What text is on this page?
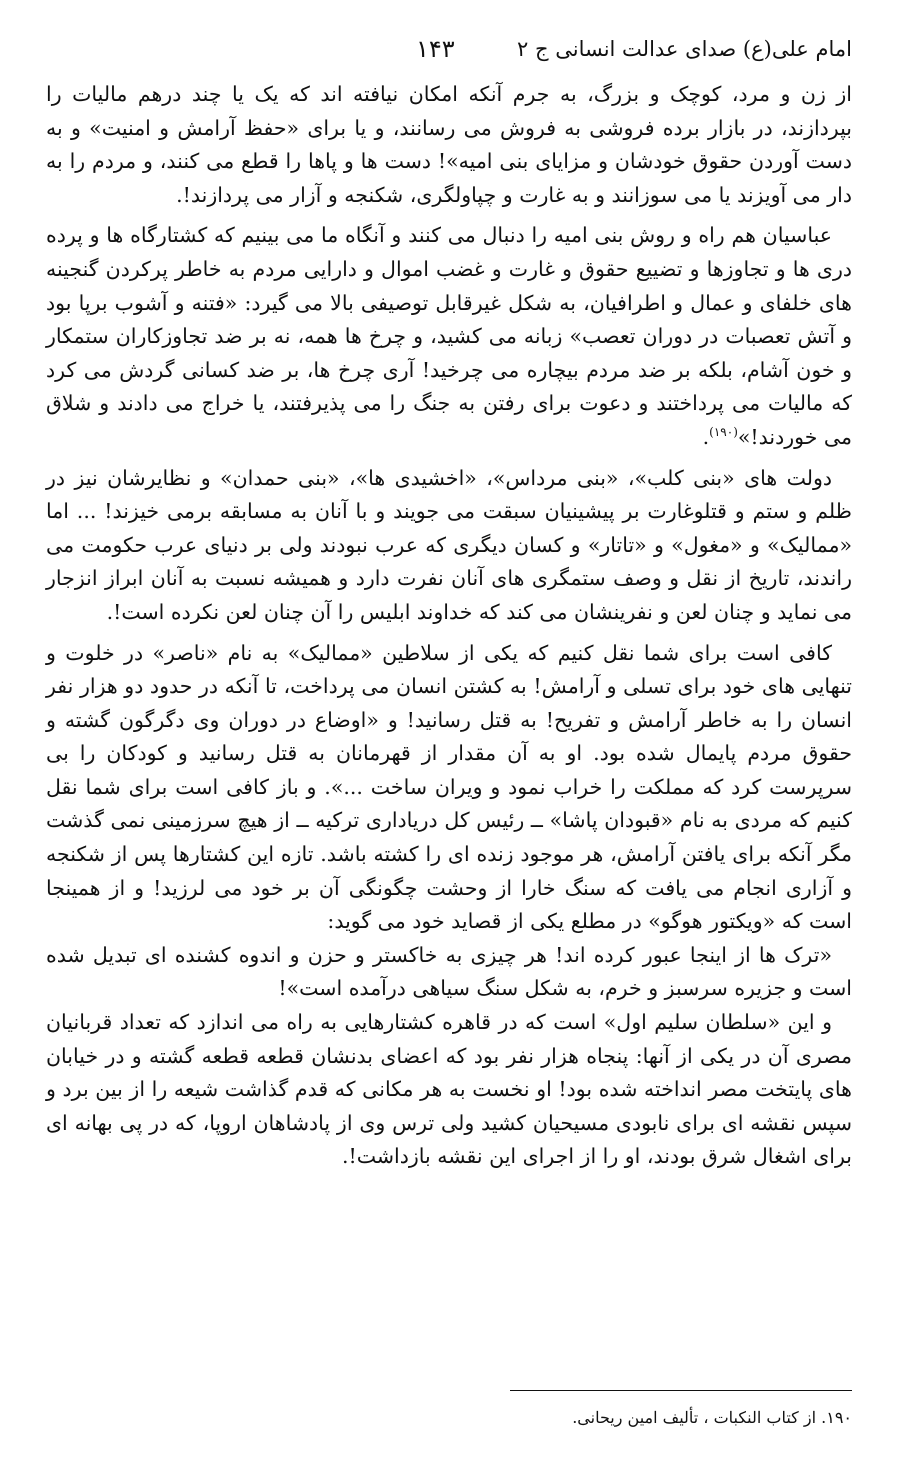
امام علی(ع) صدای عدالت انسانی ج ۲
۱۴۳

از زن و مرد، کوچک و بزرگ، به جرم آنکه امکان نیافته اند که یک یا چند درهم مالیات را بپردازند، در بازار برده فروشی به فروش می رسانند، و یا برای «حفظ آرامش و امنیت» و به دست آوردن حقوق خودشان و مزایای بنی امیه»! دست ها و پاها را قطع می کنند، و مردم را به دار می آویزند یا می سوزانند و به غارت و چپاولگری، شکنجه و آزار می پردازند!.

عباسیان هم راه و روش بنی امیه را دنبال می کنند و آنگاه ما می بینیم که کشتارگاه ها و پرده دری ها و تجاوزها و تضییع حقوق و غارت و غضب اموال و دارایی مردم به خاطر پرکردن گنجینه های خلفای و عمال و اطرافیان، به شکل غیرقابل توصیفی بالا می گیرد: «فتنه و آشوب برپا بود و آتش تعصبات در دوران تعصب» زبانه می کشید، و چرخ ها همه، نه بر ضد تجاوزکاران ستمکار و خون آشام، بلکه بر ضد مردم بیچاره می چرخید! آری چرخ ها، بر ضد کسانی گردش می کرد که مالیات می پرداختند و دعوت برای رفتن به جنگ را می پذیرفتند، یا خراج می دادند و شلاق می خوردند!»$^{(۱۹۰)}$.

دولت های «بنی کلب»، «بنی مرداس»، «اخشیدی ها»، «بنی حمدان» و نظایرشان نیز در ظلم و ستم و قتلوغارت بر پیشینیان سبقت می جویند و با آنان به مسابقه برمی خیزند! ... اما «ممالیک» و «مغول» و «تاتار» و کسان دیگری که عرب نبودند ولی بر دنیای عرب حکومت می راندند، تاریخ از نقل و وصف ستمگری های آنان نفرت دارد و همیشه نسبت به آنان ابراز انزجار می نماید و چنان لعن و نفرینشان می کند که خداوند ابلیس را آن چنان لعن نکرده است!.

کافی است برای شما نقل کنیم که یکی از سلاطین «ممالیک» به نام «ناصر» در خلوت و تنهایی های خود برای تسلی و آرامش! به کشتن انسان می پرداخت، تا آنکه در حدود دو هزار نفر انسان را به خاطر آرامش و تفریح! به قتل رسانید! و «اوضاع در دوران وی دگرگون گشته و حقوق مردم پایمال شده بود. او به آن مقدار از قهرمانان به قتل رسانید و کودکان را بی سرپرست کرد که مملکت را خراب نمود و ویران ساخت ...». و باز کافی است برای شما نقل کنیم که مردی به نام «قبودان پاشا» ــ رئیس کل دریاداری ترکیه ــ از هیچ سرزمینی نمی گذشت مگر آنکه برای یافتن آرامش، هر موجود زنده ای را کشته باشد. تازه این کشتارها پس از شکنجه و آزاری انجام می یافت که سنگ خارا از وحشت چگونگی آن بر خود می لرزید! و از همینجا است که «ویکتور هوگو» در مطلع یکی از قصاید خود می گوید:

«ترک ها از اینجا عبور کرده اند! هر چیزی به خاکستر و حزن و اندوه کشنده ای تبدیل شده است و جزیره سرسبز و خرم، به شکل سنگ سیاهی درآمده است»!

و این «سلطان سلیم اول» است که در قاهره کشتارهایی به راه می اندازد که تعداد قربانیان مصری آن در یکی از آنها: پنجاه هزار نفر بود که اعضای بدنشان قطعه قطعه گشته و در خیابان های پایتخت مصر انداخته شده بود! او نخست به هر مکانی که قدم گذاشت شیعه را از بین برد و سپس نقشه ای برای نابودی مسیحیان کشید ولی ترس وی از پادشاهان اروپا، که در پی بهانه ای برای اشغال شرق بودند، او را از اجرای این نقشه بازداشت!.

۱۹۰. از کتاب النکبات ، تألیف امین ریحانی.
